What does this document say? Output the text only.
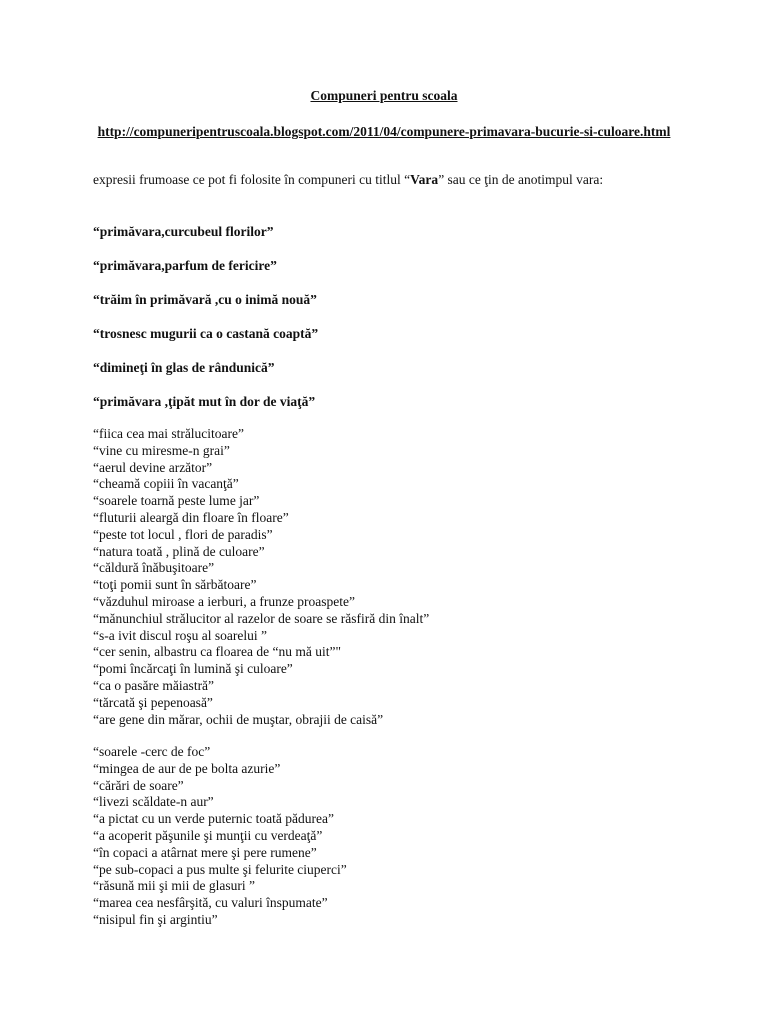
Compuneri pentru scoala
http://compuneripentruscoala.blogspot.com/2011/04/compunere-primavara-bucurie-si-culoare.html
expresii frumoase ce pot fi folosite în compuneri cu titlul “Vara” sau ce ţin de anotimpul vara:
“primăvara,curcubeul florilor”
“primăvara,parfum de fericire”
“trăim în primăvară ,cu o inimă nouă”
“trosnesc mugurii ca o castană coaptă”
“dimineţi în glas de rândunică”
“primăvara ,ţipăt mut în dor de viaţă”
“fiica cea mai strălucitoare”
“vine cu miresme-n grai”
“aerul devine arzător”
“cheamă copiii în vacanţă”
“soarele toarnă peste lume jar”
“fluturii aleargă din floare în floare”
“peste tot locul , flori de paradis”
“natura toată , plină de culoare”
“căldură înăbuşitoare”
“toţi pomii sunt în sărbătoare”
“văzduhul miroase a ierburi, a frunze proaspete”
“mănunchiul strălucitor al razelor de soare se răsfiră din înalt”
“s-a ivit discul roşu al soarelui ”
“cer senin, albastru ca floarea de “nu mă uit”"
“pomi încărcaţi în lumină şi culoare”
“ca o pasăre măiastră”
“tărcată şi pepenoasă”
“are gene din mărar, ochii de muştar, obrajii de caisă”
“soarele -cerc de foc”
“mingea de aur de pe bolta azurie”
“cărări de soare”
“livezi scăldate-n aur”
“a pictat cu un verde puternic toată pădurea”
“a acoperit păşunile şi munţii cu verdeaţă”
“în copaci a atârnat mere şi pere rumene”
“pe sub-copaci a pus multe şi felurite ciuperci”
“răsună mii şi mii de glasuri ”
“marea cea nesfârşită, cu valuri înspumate”
“nisipul fin şi argintiu”
